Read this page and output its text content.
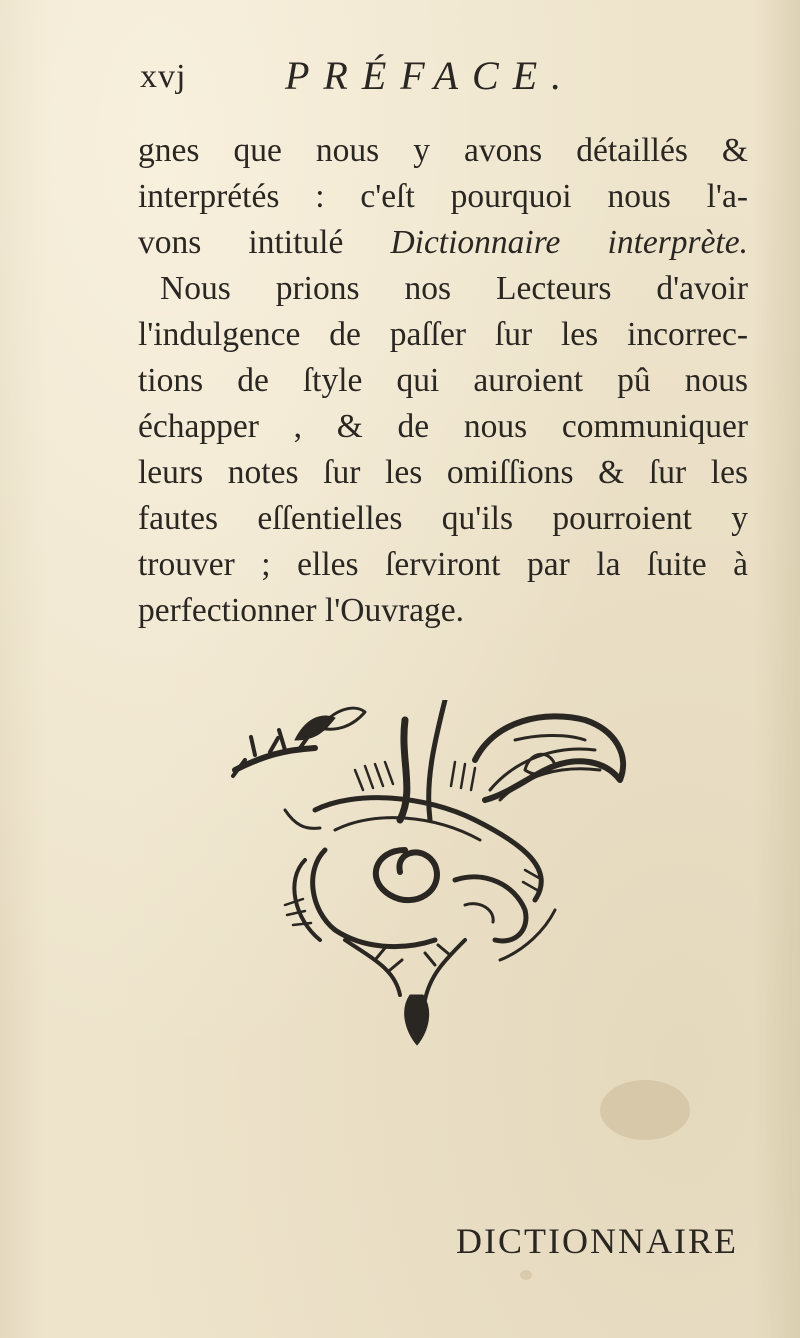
xvj PRÉFACE.
gnes que nous y avons détaillés &
interprétés : c'eſt pourquoi nous l'a-
vons intitulé Dictionnaire interprète.
Nous prions nos Lecteurs d'avoir
l'indulgence de paſſer ſur les incorrec-
tions de ſtyle qui auroient pû nous
échapper , & de nous communiquer
leurs notes ſur les omiſſions & ſur les
fautes eſſentielles qu'ils pourroient y
trouver ; elles ſerviront par la ſuite à
perfectionner l'Ouvrage.
DICTIONNAIRE
